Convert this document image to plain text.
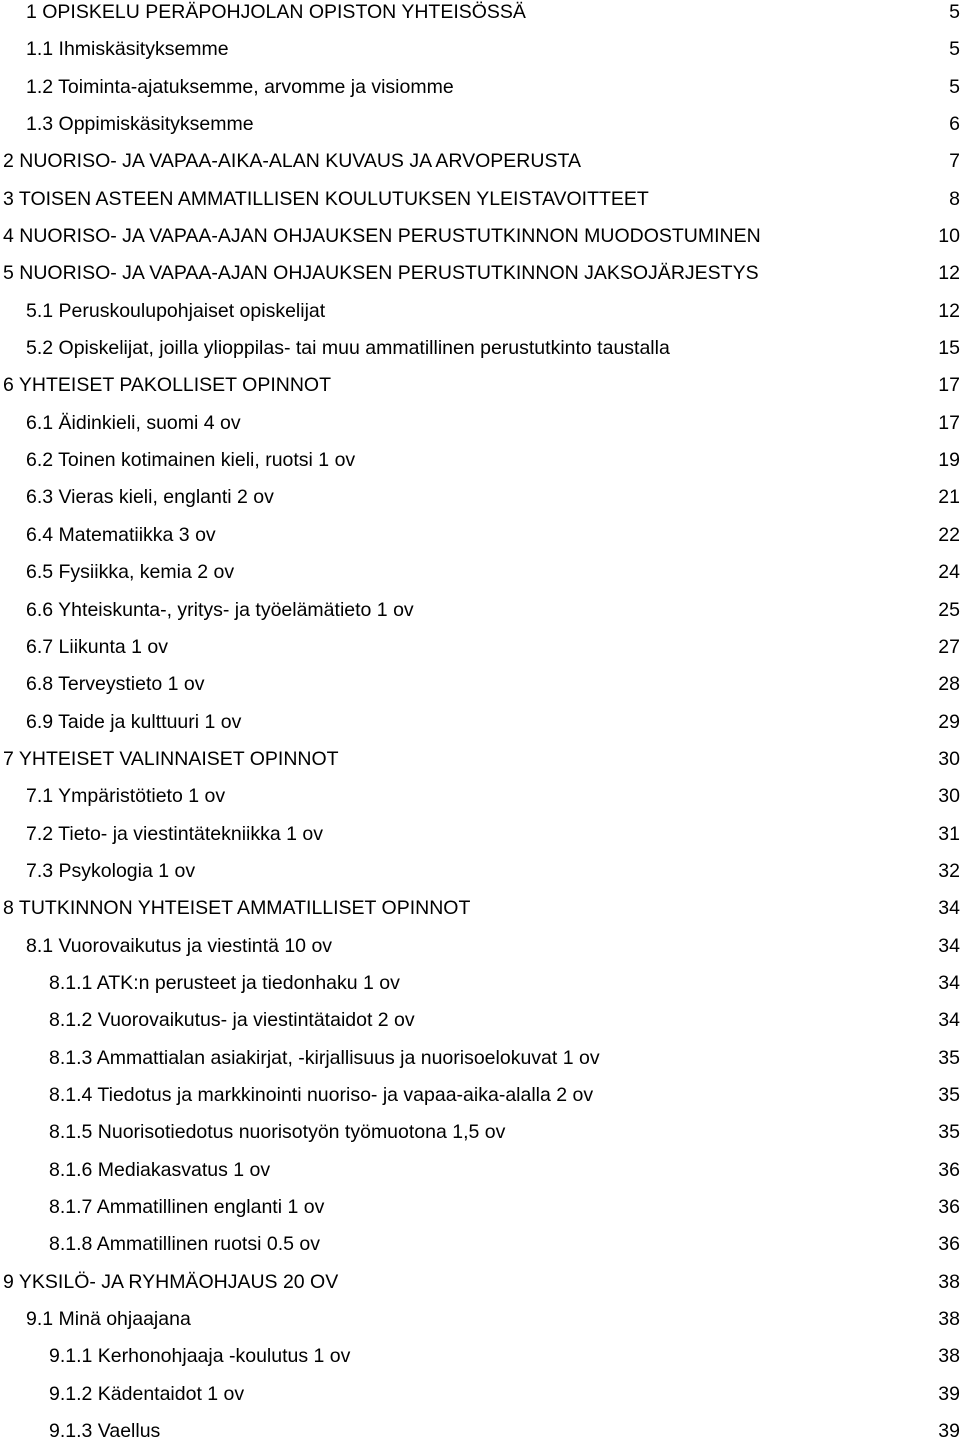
1 OPISKELU PERÄPOHJOLAN OPISTON YHTEISÖSSÄ	5
1.1 Ihmiskäsityksemme	5
1.2 Toiminta-ajatuksemme, arvomme ja visiomme	5
1.3 Oppimiskäsityksemme	6
2 NUORISO- JA VAPAA-AIKA-ALAN KUVAUS JA ARVOPERUSTA	7
3 TOISEN ASTEEN AMMATILLISEN KOULUTUKSEN YLEISTAVOITTEET	8
4 NUORISO- JA VAPAA-AJAN OHJAUKSEN PERUSTUTKINNON MUODOSTUMINEN	10
5 NUORISO- JA VAPAA-AJAN OHJAUKSEN PERUSTUTKINNON JAKSOJÄRJESTYS	12
5.1 Peruskoulupohjaiset opiskelijat	12
5.2 Opiskelijat, joilla ylioppilas- tai muu ammatillinen perustutkinto taustalla	15
6 YHTEISET PAKOLLISET OPINNOT	17
6.1 Äidinkieli, suomi 4 ov	17
6.2 Toinen kotimainen kieli, ruotsi 1 ov	19
6.3 Vieras kieli, englanti 2 ov	21
6.4 Matematiikka 3 ov	22
6.5 Fysiikka, kemia 2 ov	24
6.6 Yhteiskunta-, yritys- ja työelämätieto 1 ov	25
6.7 Liikunta 1 ov	27
6.8 Terveystieto 1 ov	28
6.9 Taide ja kulttuuri 1 ov	29
7 YHTEISET VALINNAISET OPINNOT	30
7.1 Ympäristötieto 1 ov	30
7.2 Tieto- ja viestintätekniikka 1 ov	31
7.3 Psykologia 1 ov	32
8 TUTKINNON YHTEISET AMMATILLISET OPINNOT	34
8.1 Vuorovaikutus ja viestintä 10 ov	34
8.1.1 ATK:n perusteet ja tiedonhaku 1 ov	34
8.1.2 Vuorovaikutus- ja viestintätaidot 2 ov	34
8.1.3 Ammattialan asiakirjat, -kirjallisuus ja nuorisoelokuvat 1 ov	35
8.1.4 Tiedotus ja markkinointi nuoriso- ja vapaa-aika-alalla 2 ov	35
8.1.5 Nuorisotiedotus nuorisotyön työmuotona 1,5 ov	35
8.1.6 Mediakasvatus 1 ov	36
8.1.7 Ammatillinen englanti 1 ov	36
8.1.8 Ammatillinen ruotsi 0.5 ov	36
9 YKSILÖ- JA RYHMÄOHJAUS 20 OV	38
9.1 Minä ohjaajana	38
9.1.1 Kerhonohjaaja -koulutus 1 ov	38
9.1.2 Kädentaidot 1 ov	39
9.1.3 Vaellus	39
